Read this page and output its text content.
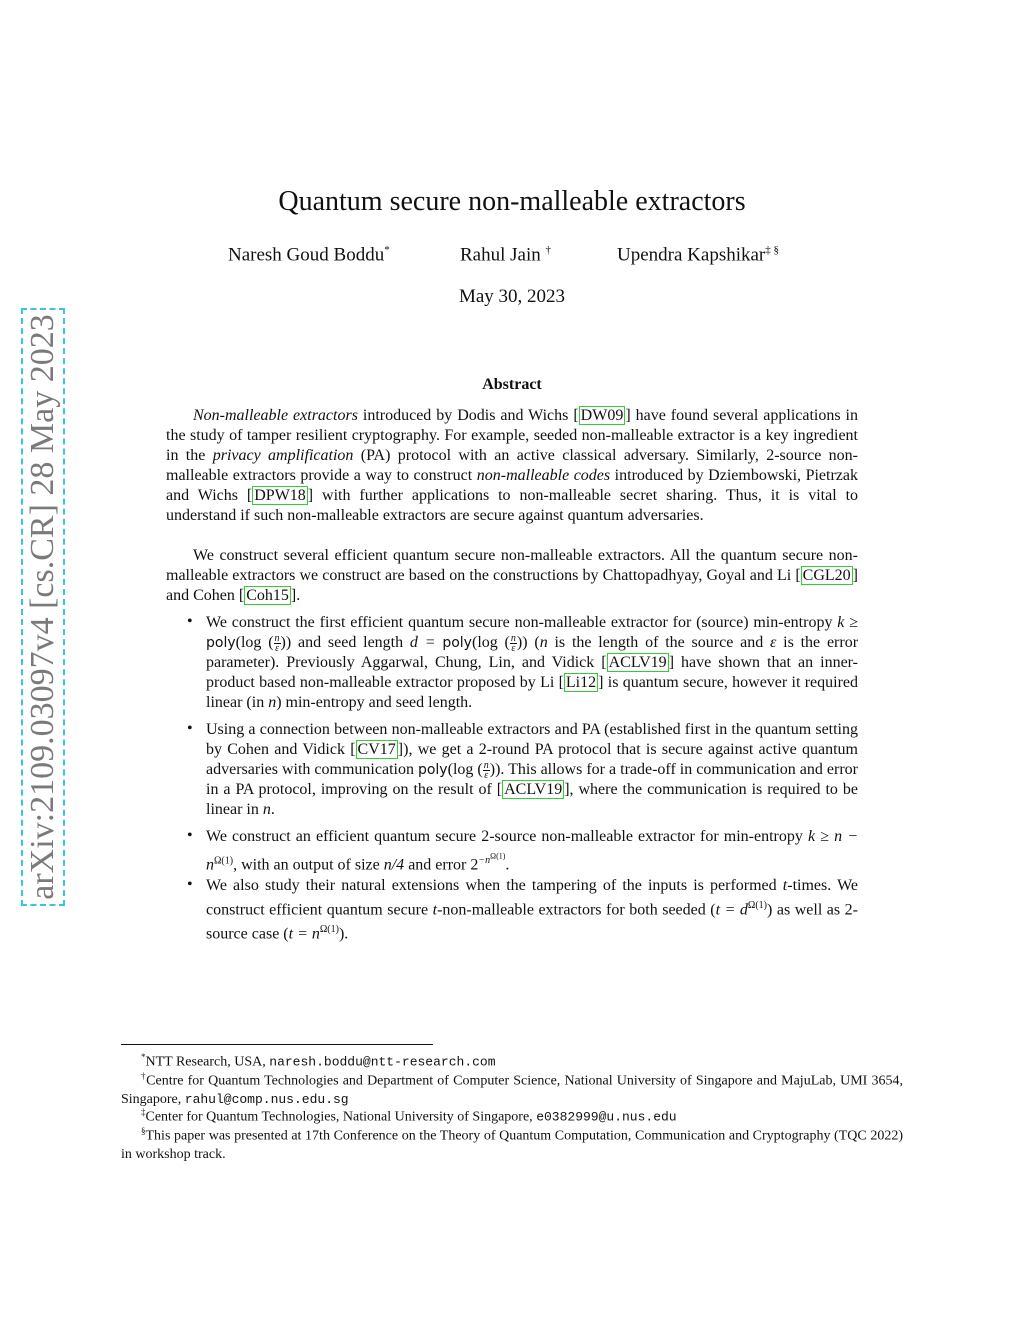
arXiv:2109.03097v4 [cs.CR] 28 May 2023
Quantum secure non-malleable extractors
Naresh Goud Boddu*	Rahul Jain †	Upendra Kapshikar‡ §
May 30, 2023
Abstract
Non-malleable extractors introduced by Dodis and Wichs [ DW09 ] have found several applications in the study of tamper resilient cryptography. For example, seeded non-malleable extractor is a key ingredient in the privacy amplification (PA) protocol with an active classical adversary. Similarly, 2-source non-malleable extractors provide a way to construct non-malleable codes introduced by Dziembowski, Pietrzak and Wichs [ DPW18 ] with further applications to non-malleable secret sharing. Thus, it is vital to understand if such non-malleable extractors are secure against quantum adversaries.
We construct several efficient quantum secure non-malleable extractors. All the quantum secure non-malleable extractors we construct are based on the constructions by Chattopadhyay, Goyal and Li [ CGL20 ] and Cohen [ Coh15 ].
• We construct the first efficient quantum secure non-malleable extractor for (source) min-entropy k ≥ poly(log ( $\frac{n}{\varepsilon}$ )) and seed length d = poly(log ( $\frac{n}{\varepsilon}$ )) (n is the length of the source and ε is the error parameter). Previously Aggarwal, Chung, Lin, and Vidick [ ACLV19 ] have shown that an inner-product based non-malleable extractor proposed by Li [ Li12 ] is quantum secure, however it required linear (in n) min-entropy and seed length.
• Using a connection between non-malleable extractors and PA (established first in the quantum setting by Cohen and Vidick [ CV17 ]), we get a 2-round PA protocol that is secure against active quantum adversaries with communication poly(log ( $\frac{n}{\varepsilon}$ )). This allows for a trade-off in communication and error in a PA protocol, improving on the result of [ ACLV19 ], where the communication is required to be linear in n.
• We construct an efficient quantum secure 2-source non-malleable extractor for min-entropy $k \ge n - n^{\Omega(1)}$, with an output of size n/4 and error $2^{-n^{\Omega(1)}}$.
• We also study their natural extensions when the tampering of the inputs is performed t-times. We construct efficient quantum secure t-non-malleable extractors for both seeded $(t = d^{\Omega(1)})$ as well as 2-source case $(t = n^{\Omega(1)})$.
*NTT Research, USA, naresh.boddu@ntt-research.com
†Centre for Quantum Technologies and Department of Computer Science, National University of Singapore and MajuLab, UMI 3654, Singapore, rahul@comp.nus.edu.sg
‡Center for Quantum Technologies, National University of Singapore, e0382999@u.nus.edu
§This paper was presented at 17th Conference on the Theory of Quantum Computation, Communication and Cryptography (TQC 2022) in workshop track.
